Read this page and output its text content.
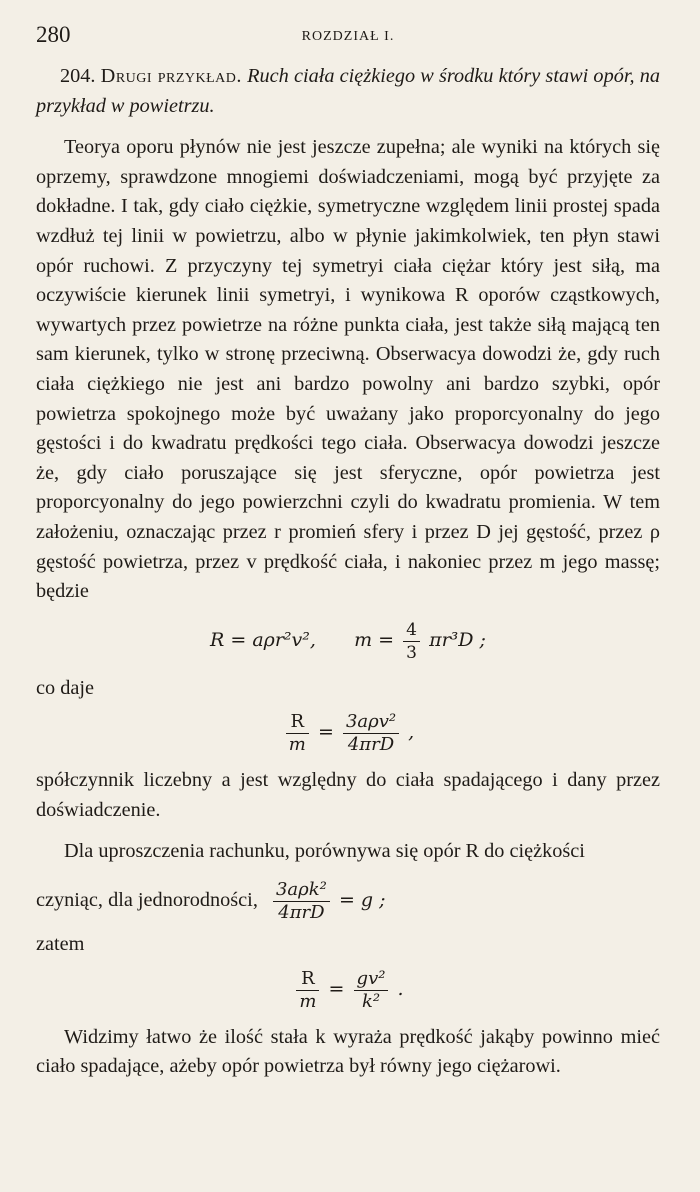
280	ROZDZIAŁ I.

204. Drugi przykład. Ruch ciała ciężkiego w środku który stawi opór, na przykład w powietrzu.

Teorya oporu płynów nie jest jeszcze zupełna; ale wyniki na których się oprzemy, sprawdzone mnogiemi doświadczeniami, mogą być przyjęte za dokładne. I tak, gdy ciało ciężkie, symetryczne względem linii prostej spada wzdłuż tej linii w powietrzu, albo w płynie jakimkolwiek, ten płyn stawi opór ruchowi. Z przyczyny tej symetryi ciała ciężar który jest siłą, ma oczywiście kierunek linii symetryi, i wynikowa R oporów cząstkowych, wywartych przez powietrze na różne punkta ciała, jest także siłą mającą ten sam kierunek, tylko w stronę przeciwną. Obserwacya dowodzi że, gdy ruch ciała ciężkiego nie jest ani bardzo powolny ani bardzo szybki, opór powietrza spokojnego może być uważany jako proporcyonalny do jego gęstości i do kwadratu prędkości tego ciała. Obserwacya dowodzi jeszcze że, gdy ciało poruszające się jest sferyczne, opór powietrza jest proporcyonalny do jego powierzchni czyli do kwadratu promienia. W tem założeniu, oznaczając przez r promień sfery i przez D jej gęstość, przez ρ gęstość powietrza, przez v prędkość ciała, i nakoniec przez m jego massę; będzie

R = aρr²v², $m = \frac{4}{3} \pi r^3D$ ;

co daje

$\frac{R}{m} = \frac{\text{3aρv²}}{\text{4πrD}}$ ,

spółczynnik liczebny a jest względny do ciała spadającego i dany przez doświadczenie.

Dla uproszczenia rachunku, porównywa się opór R do ciężkości

czyniąc, dla jednorodności, $\frac{\text{3aρk²}}{\text{4πrD}} = g$ ;

zatem

$\frac{R}{m} = \frac{\text{gv²}}{\text{k²}}$ .

Widzimy łatwo że ilość stała k wyraża prędkość jakąby powinno mieć ciało spadające, ażeby opór powietrza był równy jego ciężarowi.
